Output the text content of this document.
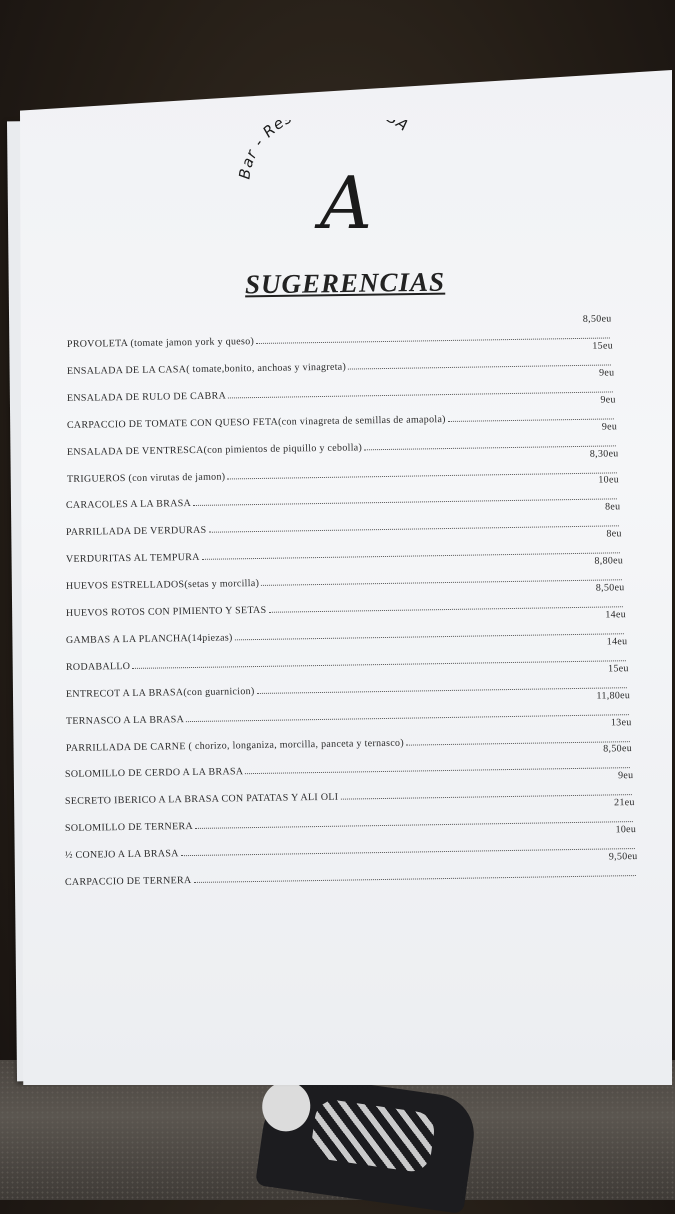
Bar - Re A
A
SUGERENCIAS
PROVOLETA (tomate jamon york y queso)
8,50eu
ENSALADA DE LA CASA( tomate,bonito, anchoas y vinagreta)
15eu
ENSALADA DE RULO DE CABRA
9eu
CARPACCIO DE TOMATE CON QUESO FETA(con vinagreta de semillas de amapola)
9eu
ENSALADA DE VENTRESCA(con pimientos de piquillo y cebolla)
9eu
TRIGUEROS (con virutas de jamon)
8,30eu
CARACOLES A LA BRASA
10eu
PARRILLADA DE VERDURAS
8eu
VERDURITAS AL TEMPURA
8eu
HUEVOS ESTRELLADOS(setas y morcilla)
8,80eu
HUEVOS ROTOS CON PIMIENTO Y SETAS
8,50eu
GAMBAS A LA PLANCHA(14piezas)
14eu
RODABALLO
14eu
ENTRECOT A LA BRASA(con guarnicion)
15eu
TERNASCO A LA BRASA
11,80eu
PARRILLADA DE CARNE ( chorizo, longaniza, morcilla, panceta y ternasco)
13eu
SOLOMILLO DE CERDO A LA BRASA
8,50eu
SECRETO IBERICO A LA BRASA CON PATATAS Y ALI OLI
9eu
SOLOMILLO DE TERNERA
21eu
½ CONEJO A LA BRASA
10eu
CARPACCIO DE TERNERA
9,50eu
